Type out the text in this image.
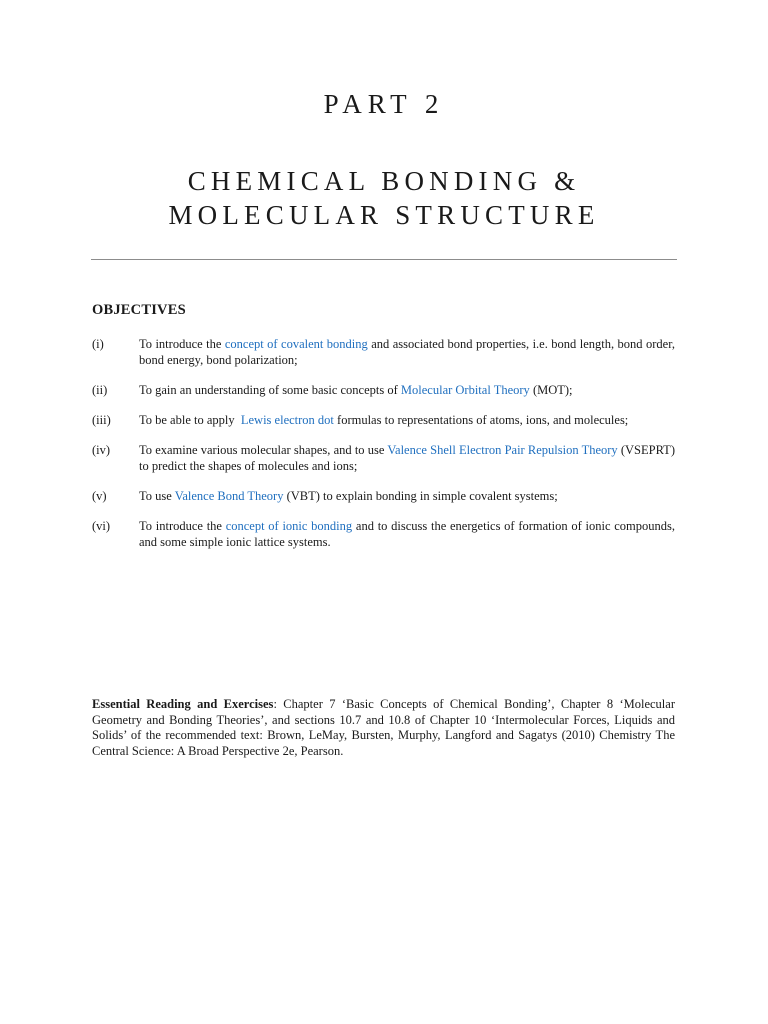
PART 2
CHEMICAL BONDING &
MOLECULAR STRUCTURE
OBJECTIVES
(i)	To introduce the concept of covalent bonding and associated bond properties, i.e. bond length, bond order, bond energy, bond polarization;
(ii)	To gain an understanding of some basic concepts of Molecular Orbital Theory (MOT);
(iii)	To be able to apply  Lewis electron dot formulas to representations of atoms, ions, and molecules;
(iv)	To examine various molecular shapes, and to use Valence Shell Electron Pair Repulsion Theory (VSEPRT) to predict the shapes of molecules and ions;
(v)	To use Valence Bond Theory (VBT) to explain bonding in simple covalent systems;
(vi)	To introduce the concept of ionic bonding and to discuss the energetics of formation of ionic compounds, and some simple ionic lattice systems.
Essential Reading and Exercises: Chapter 7 ‘Basic Concepts of Chemical Bonding’, Chapter 8 ‘Molecular Geometry and Bonding Theories’, and sections 10.7 and 10.8 of Chapter 10 ‘Intermolecular Forces, Liquids and Solids’ of the recommended text: Brown, LeMay, Bursten, Murphy, Langford and Sagatys (2010) Chemistry The Central Science: A Broad Perspective 2e, Pearson.
